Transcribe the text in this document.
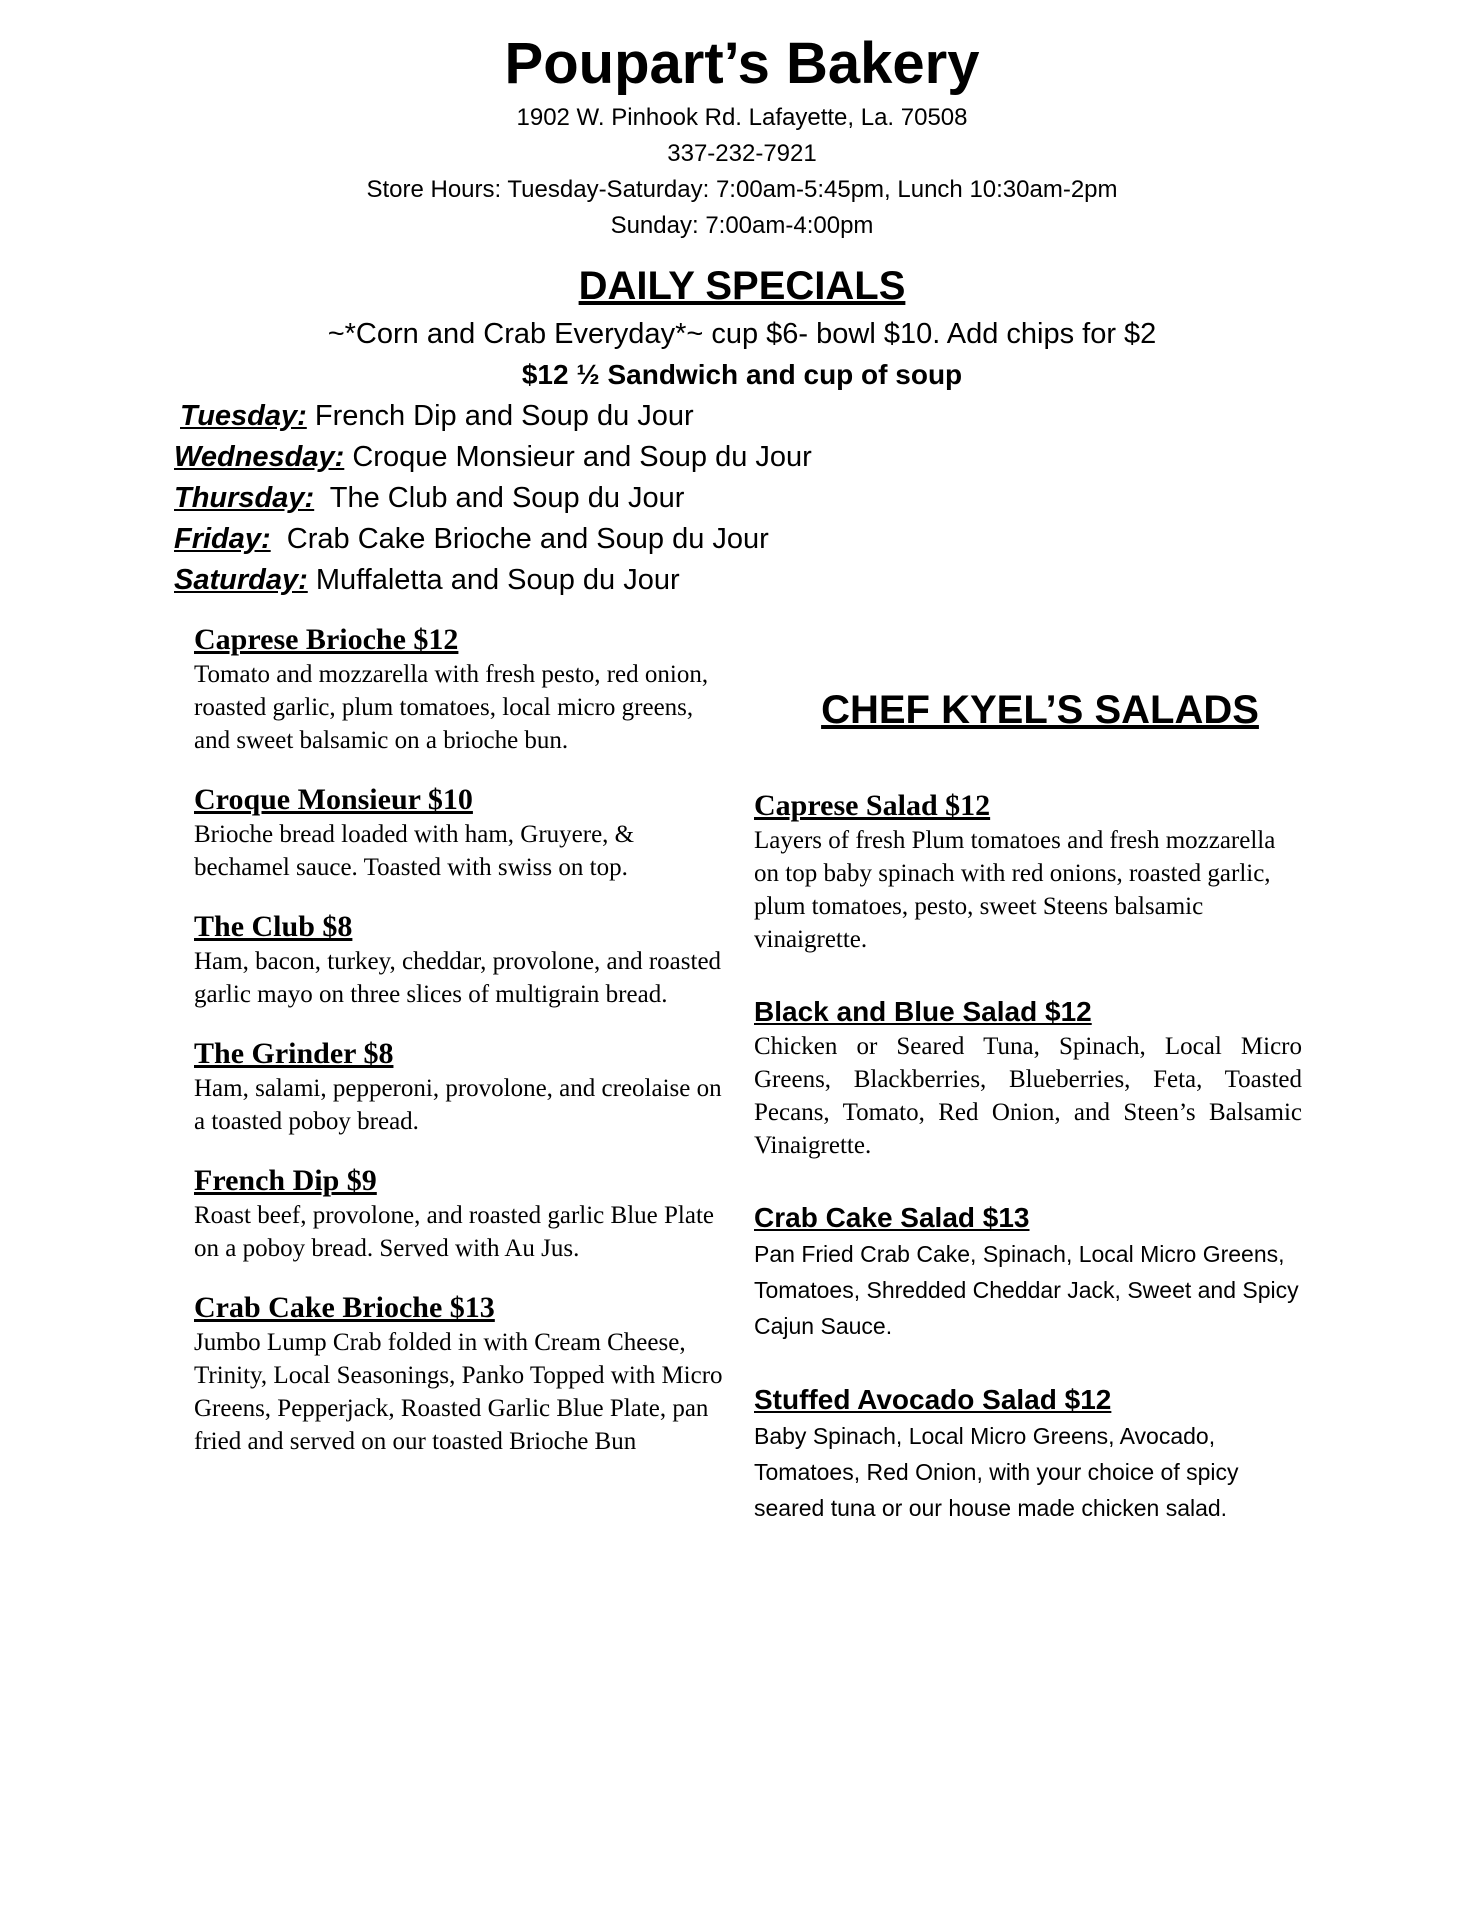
Poupart’s Bakery
1902 W. Pinhook Rd. Lafayette, La. 70508
337-232-7921
Store Hours: Tuesday-Saturday: 7:00am-5:45pm, Lunch 10:30am-2pm
Sunday: 7:00am-4:00pm
DAILY SPECIALS
~*Corn and Crab Everyday*~ cup $6- bowl $10. Add chips for $2
$12 ½ Sandwich and cup of soup
Tuesday: French Dip and Soup du Jour
Wednesday: Croque Monsieur and Soup du Jour
Thursday:  The Club and Soup du Jour
Friday:  Crab Cake Brioche and Soup du Jour
Saturday: Muffaletta and Soup du Jour
Caprese Brioche $12
Tomato and mozzarella with fresh pesto, red onion, roasted garlic, plum tomatoes, local micro greens, and sweet balsamic on a brioche bun.
Croque Monsieur $10
Brioche bread loaded with ham, Gruyere, & bechamel sauce. Toasted with swiss on top.
The Club $8
Ham, bacon, turkey, cheddar, provolone, and roasted garlic mayo on three slices of multigrain bread.
The Grinder $8
Ham, salami, pepperoni, provolone, and creolaise on a toasted poboy bread.
French Dip $9
Roast beef, provolone, and roasted garlic Blue Plate on a poboy bread. Served with Au Jus.
Crab Cake Brioche $13
Jumbo Lump Crab folded in with Cream Cheese, Trinity, Local Seasonings, Panko Topped with Micro Greens, Pepperjack, Roasted Garlic Blue Plate, pan fried and served on our toasted Brioche Bun
CHEF KYEL’S SALADS
Caprese Salad $12
Layers of fresh Plum tomatoes and fresh mozzarella on top baby spinach with red onions, roasted garlic, plum tomatoes, pesto, sweet Steens balsamic vinaigrette.
Black and Blue Salad $12
Chicken or Seared Tuna, Spinach, Local Micro Greens, Blackberries, Blueberries, Feta, Toasted Pecans, Tomato, Red Onion, and Steen’s Balsamic Vinaigrette.
Crab Cake Salad $13
Pan Fried Crab Cake, Spinach, Local Micro Greens, Tomatoes, Shredded Cheddar Jack, Sweet and Spicy Cajun Sauce.
Stuffed Avocado Salad $12
Baby Spinach, Local Micro Greens, Avocado, Tomatoes, Red Onion, with your choice of spicy seared tuna or our house made chicken salad.
